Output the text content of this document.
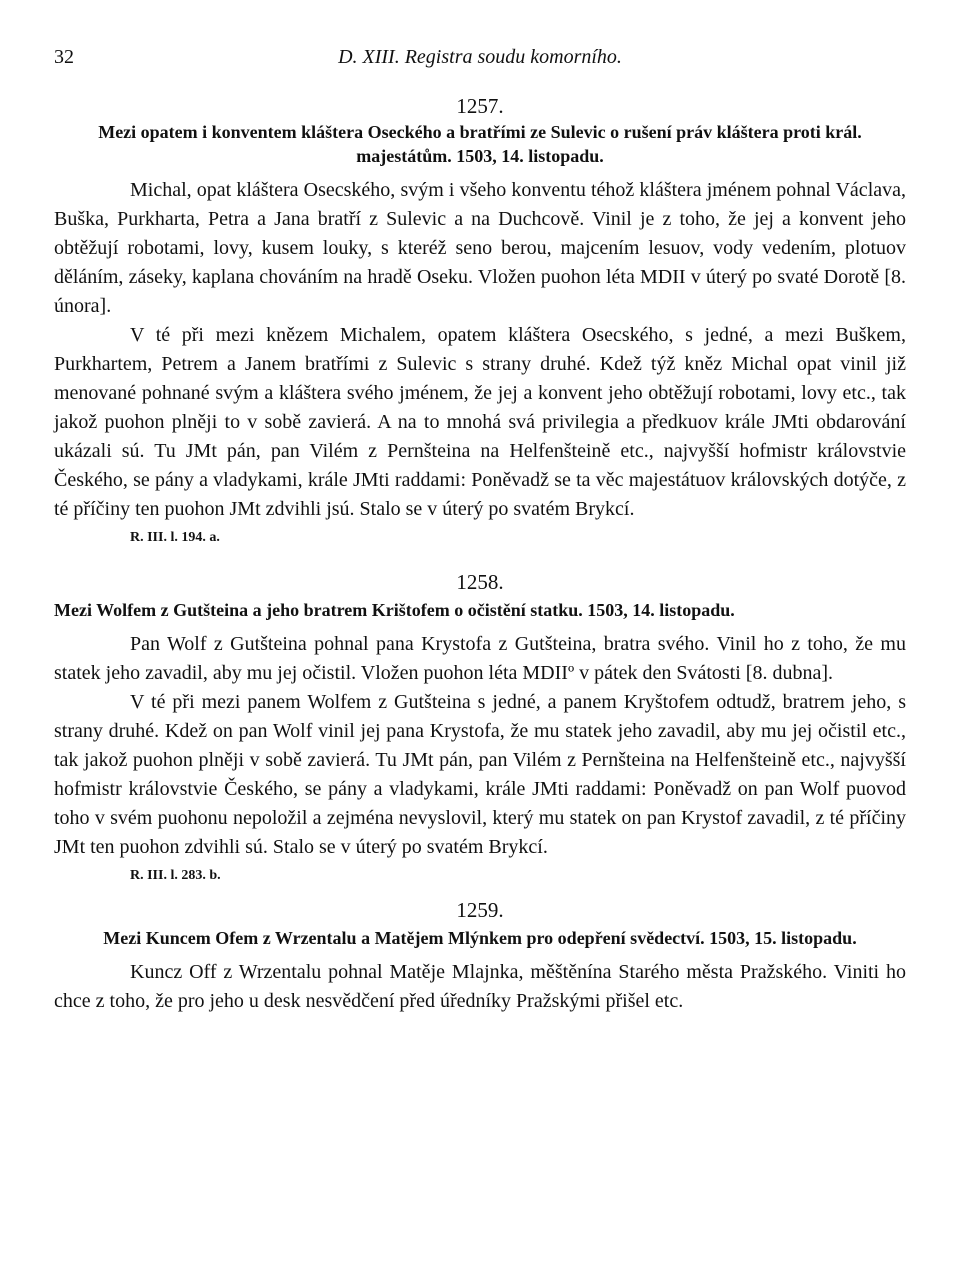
32	D. XIII. Registra soudu komorního.

1257.

Mezi opatem i konventem kláštera Oseckého a bratřími ze Sulevic o rušení práv kláštera proti král. majestátům. 1503, 14. listopadu.

Michal, opat kláštera Osecského, svým i všeho konventu téhož kláštera jménem pohnal Václava, Buška, Purkharta, Petra a Jana bratří z Sulevic a na Duchcově. Vinil je z toho, že jej a konvent jeho obtěžují robotami, lovy, kusem louky, s kteréž seno berou, majcením lesuov, vody vedením, plotuov děláním, záseky, kaplana chováním na hradě Oseku. Vložen puohon léta MDII v úterý po svaté Dorotě [8. února].

V té při mezi knězem Michalem, opatem kláštera Osecského, s jedné, a mezi Buškem, Purkhartem, Petrem a Janem bratřími z Sulevic s strany druhé. Kdež týž kněz Michal opat vinil již menované pohnané svým a kláštera svého jménem, že jej a konvent jeho obtěžují robotami, lovy etc., tak jakož puohon plněji to v sobě zavierá. A na to mnohá svá privilegia a předkuov krále JMti obdarování ukázali sú. Tu JMt pán, pan Vilém z Pernšteina na Helfenšteině etc., najvyšší hofmistr královstvie Českého, se pány a vladykami, krále JMti raddami: Poněvadž se ta věc majestátuov královských dotýče, z té příčiny ten puohon JMt zdvihli jsú. Stalo se v úterý po svatém Brykcí.

R. III. l. 194. a.

1258.

Mezi Wolfem z Gutšteina a jeho bratrem Krištofem o očistění statku. 1503, 14. listopadu.

Pan Wolf z Gutšteina pohnal pana Krystofa z Gutšteina, bratra svého. Vinil ho z toho, že mu statek jeho zavadil, aby mu jej očistil. Vložen puohon léta MDIIº v pátek den Svátosti [8. dubna].

V té při mezi panem Wolfem z Gutšteina s jedné, a panem Kryštofem odtudž, bratrem jeho, s strany druhé. Kdež on pan Wolf vinil jej pana Krystofa, že mu statek jeho zavadil, aby mu jej očistil etc., tak jakož puohon plněji v sobě zavierá. Tu JMt pán, pan Vilém z Pernšteina na Helfenšteině etc., najvyšší hofmistr královstvie Českého, se pány a vladykami, krále JMti raddami: Poněvadž on pan Wolf puovod toho v svém puohonu nepoložil a zejména nevyslovil, který mu statek on pan Krystof zavadil, z té příčiny JMt ten puohon zdvihli sú. Stalo se v úterý po svatém Brykcí.

R. III. l. 283. b.

1259.

Mezi Kuncem Ofem z Wrzentalu a Matějem Mlýnkem pro odepření svědectví. 1503, 15. listopadu.

Kuncz Off z Wrzentalu pohnal Matěje Mlajnka, měštěnína Starého města Pražského. Viniti ho chce z toho, že pro jeho u desk nesvědčení před úředníky Pražskými přišel etc.
